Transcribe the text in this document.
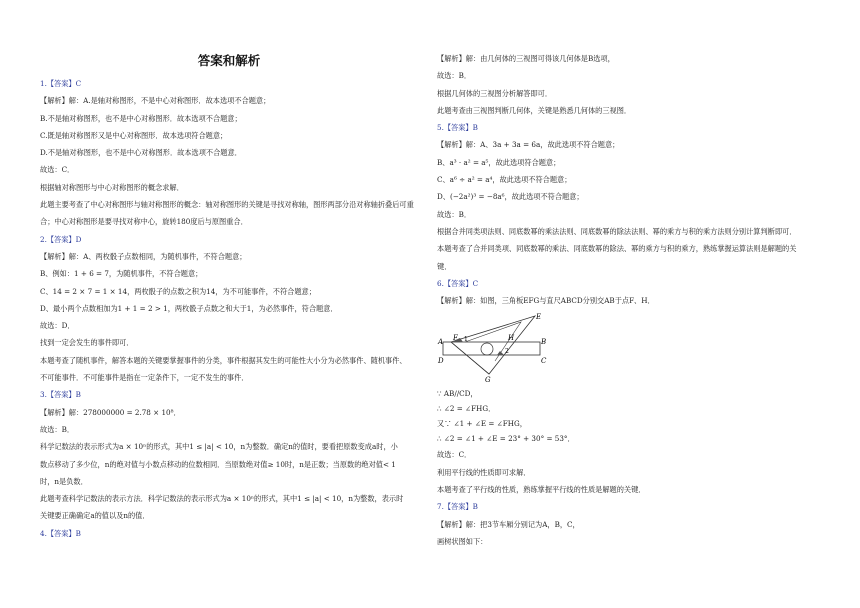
答案和解析
1.【答案】C
【解析】解：A.是轴对称图形，不是中心对称图形．故本选项不合题意；
B.不是轴对称图形，也不是中心对称图形．故本选项不合题意；
C.既是轴对称图形又是中心对称图形．故本选项符合题意；
D.不是轴对称图形，也不是中心对称图形．故本选项不合题意．
故选：C．
根据轴对称图形与中心对称图形的概念求解．
此题主要考查了中心对称图形与轴对称图形的概念：轴对称图形的关键是寻找对称轴，图形两部分沿对称轴折叠后可重
合；中心对称图形是要寻找对称中心，旋转180度后与原图重合．
2.【答案】D
【解析】解：A、两枚骰子点数相同，为随机事件，不符合题意；
B、例如：1 + 6 = 7，为随机事件，不符合题意；
C、14 = 2 × 7 = 1 × 14，两枚骰子的点数之积为14，为不可能事件，不符合题意；
D、最小两个点数相加为1 + 1 = 2 > 1，两枚骰子点数之和大于1，为必然事件，符合题意．
故选：D．
找到一定会发生的事件即可．
本题考查了随机事件，解答本题的关键要掌握事件的分类，事件根据其发生的可能性大小分为必然事件、随机事件、
不可能事件．不可能事件是指在一定条件下，一定不发生的事件．
3.【答案】B
【解析】解：278000000 = 2.78 × 10⁸．
故选：B．
科学记数法的表示形式为a × 10ⁿ的形式，其中1 ≤ |a| < 10，n为整数．确定n的值时，要看把原数变成a时，小
数点移动了多少位，n的绝对值与小数点移动的位数相同．当原数绝对值≥ 10时，n是正数；当原数的绝对值< 1
时，n是负数．
此题考查科学记数法的表示方法．科学记数法的表示形式为a × 10ⁿ的形式，其中1 ≤ |a| < 10，n为整数，表示时
关键要正确确定a的值以及n的值．
4.【答案】B
【解析】解：由几何体的三视图可得该几何体是B选项，
故选：B．
根据几何体的三视图分析解答即可．
此题考查由三视图判断几何体，关键是熟悉几何体的三视图．
5.【答案】B
【解析】解：A、3a + 3a = 6a，故此选项不符合题意；
B、a³ · a² = a⁵，故此选项符合题意；
C、a⁶ ÷ a² = a⁴，故此选项不符合题意；
D、(−2a²)³ = −8a⁶，故此选项不符合题意；
故选：B．
根据合并同类项法则、同底数幂的乘法法则、同底数幂的除法法则、幂的乘方与积的乘方法则分别计算判断即可．
本题考查了合并同类项、同底数幂的乘法、同底数幂的除法、幂的乘方与积的乘方，熟练掌握运算法则是解题的关
键．
6.【答案】C
【解析】解：如图，三角板EFG与直尺ABCD分别交AB于点F、H．
A
D
B
C
E
F
G
H
1
2
∵ AB//CD，
∴ ∠2 = ∠FHG．
又∵ ∠1 + ∠E = ∠FHG，
∴ ∠2 = ∠1 + ∠E = 23° + 30° = 53°．
故选：C．
利用平行线的性质即可求解．
本题考查了平行线的性质，熟练掌握平行线的性质是解题的关键．
7.【答案】B
【解析】解：把3节车厢分别记为A，B，C，
画树状图如下：
